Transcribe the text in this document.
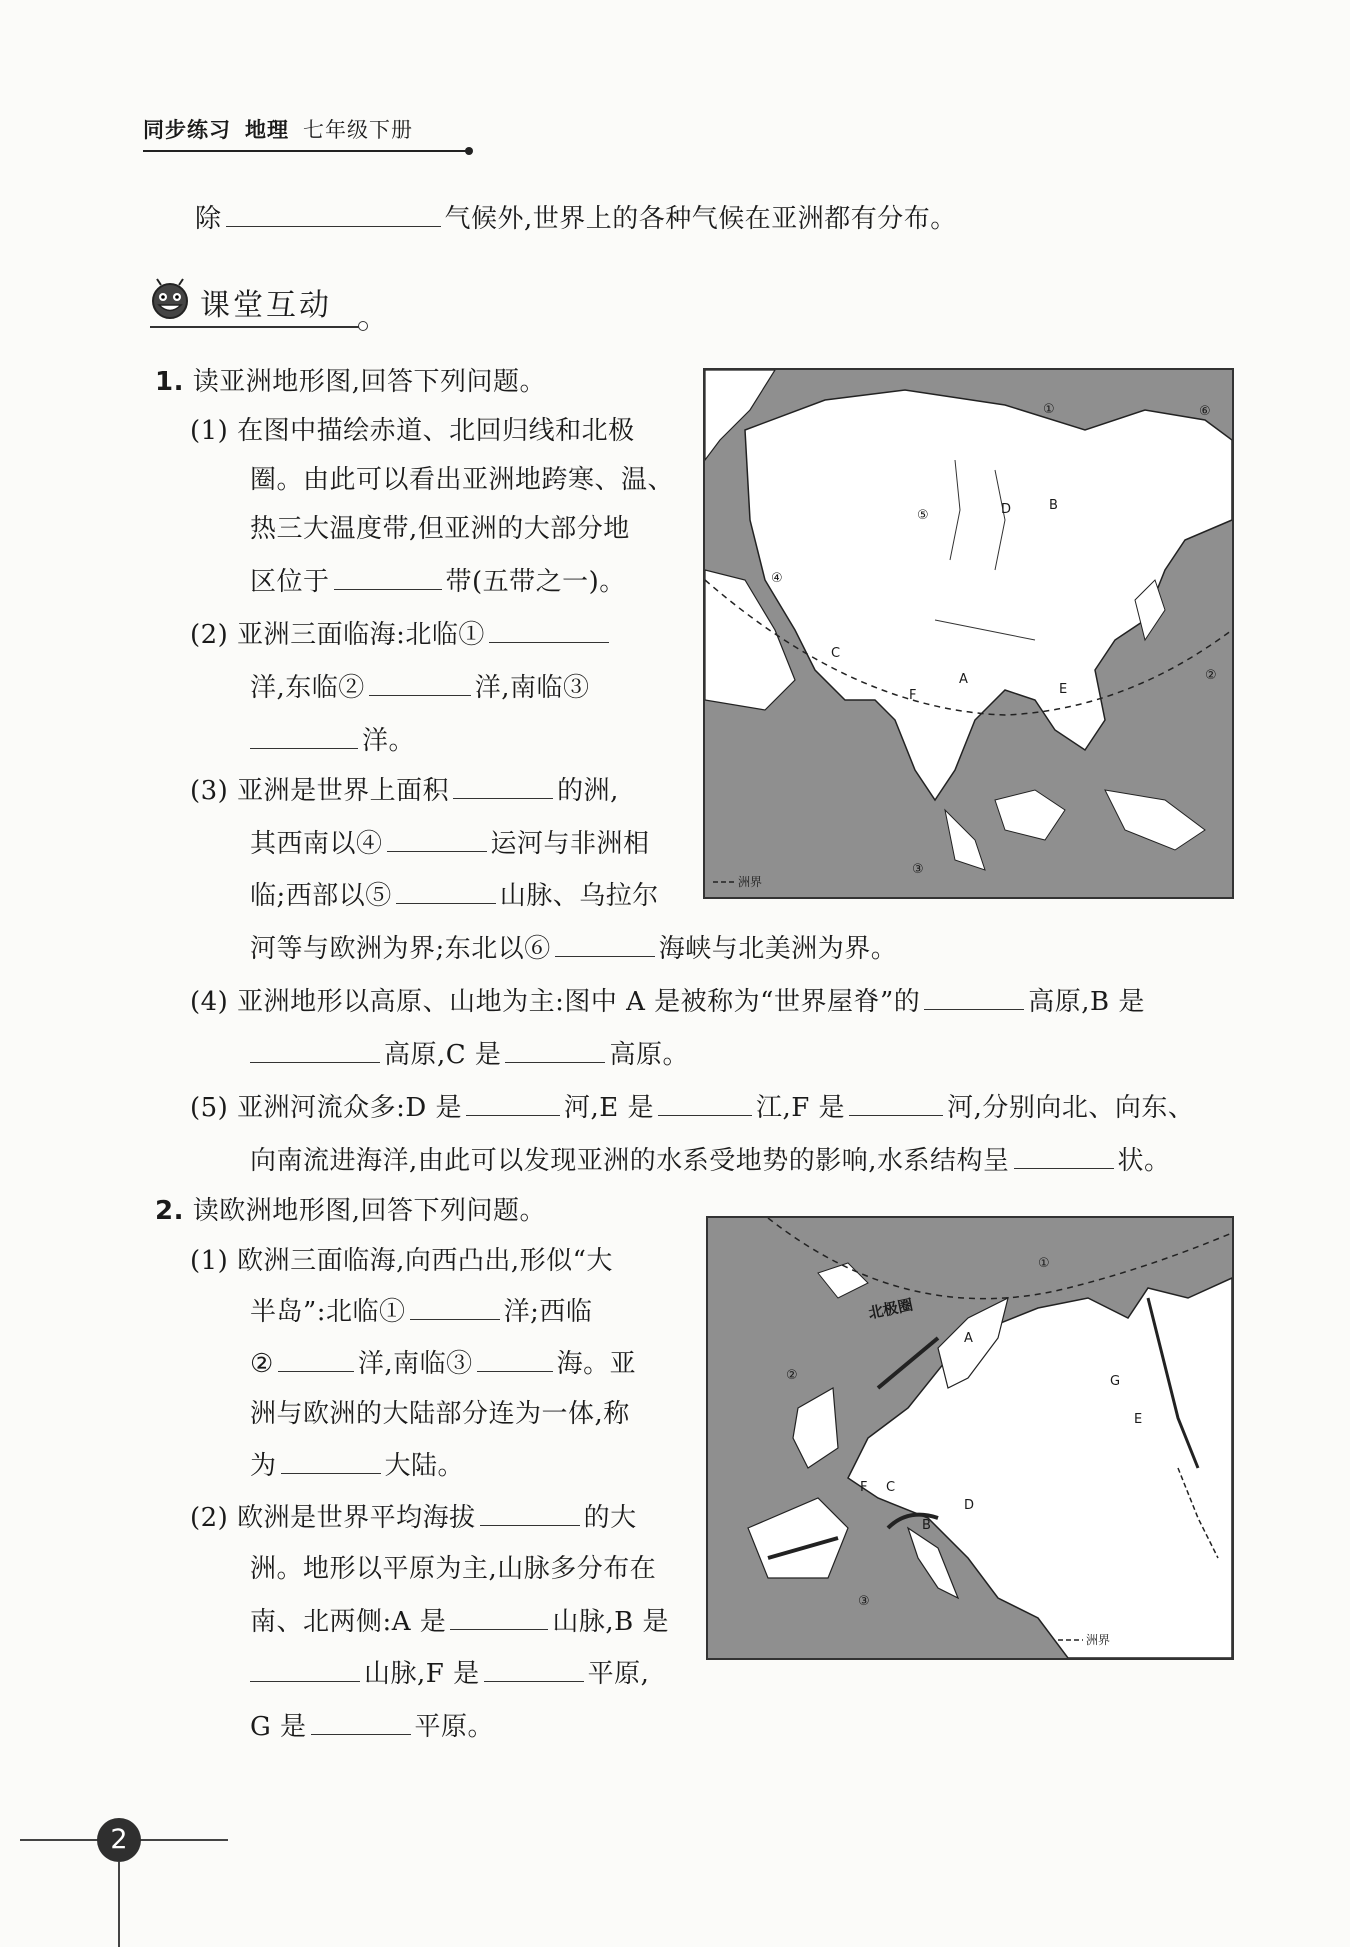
同步练习 地理 七年级下册
除	气候外,世界上的各种气候在亚洲都有分布。
课堂互动
1. 读亚洲地形图,回答下列问题。
(1) 在图中描绘赤道、北回归线和北极
圈。由此可以看出亚洲地跨寒、温、
热三大温度带,但亚洲的大部分地
区位于	带(五带之一)。
(2) 亚洲三面临海:北临①
洋,东临②	洋,南临③
洋。
(3) 亚洲是世界上面积	的洲,
其西南以④	运河与非洲相
临;西部以⑤	山脉、乌拉尔
河等与欧洲为界;东北以⑥	海峡与北美洲为界。
(4) 亚洲地形以高原、山地为主:图中 A 是被称为“世界屋脊”的	高原,B 是
高原,C 是	高原。
(5) 亚洲河流众多:D 是	河,E 是	江,F 是	河,分别向北、向东、
向南流进海洋,由此可以发现亚洲的水系受地势的影响,水系结构呈	状。
①
②
③
④
⑤
⑥
A
B
C
D
E
F
洲界
2. 读欧洲地形图,回答下列问题。
(1) 欧洲三面临海,向西凸出,形似“大
半岛”:北临①	洋;西临
②	洋,南临③	海。亚
洲与欧洲的大陆部分连为一体,称
为	大陆。
(2) 欧洲是世界平均海拔	的大
洲。地形以平原为主,山脉多分布在
南、北两侧:A 是	山脉,B 是
山脉,F 是	平原,
G 是	平原。
①
②
③
北极圈
A
B
C
D
E
F
G
洲界
2
